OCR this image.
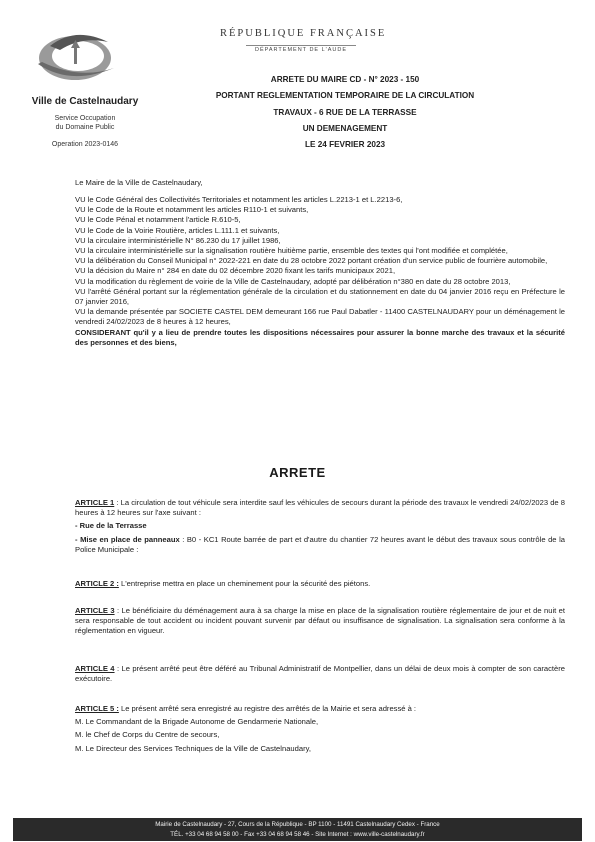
Ville de Castelnaudary
Service Occupation
du Domaine Public
Operation 2023-0146
RÉPUBLIQUE FRANÇAISE
DÉPARTEMENT DE L'AUDE
ARRETE DU MAIRE CD - N° 2023 - 150
PORTANT REGLEMENTATION TEMPORAIRE DE LA CIRCULATION
TRAVAUX - 6 RUE DE LA TERRASSE
UN DEMENAGEMENT
LE 24 FEVRIER 2023
Le Maire de la Ville de Castelnaudary,

VU le Code Général des Collectivités Territoriales et notamment les articles L.2213-1 et L.2213-6,

VU le Code de la Route et notamment les articles R110-1 et suivants,

VU le Code Pénal et notamment l'article R.610-5,

VU le Code de la Voirie Routière, articles L.111.1 et suivants,

VU la circulaire interministérielle N° 86.230 du 17 juillet 1986,

VU la circulaire interministérielle sur la signalisation routière huitième partie, ensemble des textes qui l'ont modifiée et complétée,

VU la délibération du Conseil Municipal n° 2022-221 en date du 28 octobre 2022 portant création d'un service public de fourrière automobile,

VU la décision du Maire n° 284 en date du 02 décembre 2020 fixant les tarifs municipaux 2021,

VU la modification du règlement de voirie de la Ville de Castelnaudary, adopté par délibération n°380 en date du 28 octobre 2013,

VU l'arrêté Général portant sur la réglementation générale de la circulation et du stationnement en date du 04 janvier 2016 reçu en Préfecture le 07 janvier 2016,

VU la demande présentée par SOCIETE CASTEL DEM demeurant 166 rue Paul Dabatler - 11400 CASTELNAUDARY pour un déménagement le vendredi 24/02/2023 de 8 heures à 12 heures,

CONSIDERANT qu'il y a lieu de prendre toutes les dispositions nécessaires pour assurer la bonne marche des travaux et la sécurité des personnes et des biens,

ARRETE

ARTICLE 1 : La circulation de tout véhicule sera interdite sauf les véhicules de secours durant la période des travaux le vendredi 24/02/2023 de 8 heures à 12 heures sur l'axe suivant :

- Rue de la Terrasse

- Mise en place de panneaux : B0 - KC1 Route barrée de part et d'autre du chantier 72 heures avant le début des travaux sous contrôle de la Police Municipale :

ARTICLE 2 : L'entreprise mettra en place un cheminement pour la sécurité des piétons.

ARTICLE 3 : Le bénéficiaire du déménagement aura à sa charge la mise en place de la signalisation routière réglementaire de jour et de nuit et sera responsable de tout accident ou incident pouvant survenir par défaut ou insuffisance de signalisation. La signalisation sera conforme à la réglementation en vigueur.

ARTICLE 4 : Le présent arrêté peut être déféré au Tribunal Administratif de Montpellier, dans un délai de deux mois à compter de son caractère exécutoire.

ARTICLE 5 : Le présent arrêté sera enregistré au registre des arrêtés de la Mairie et sera adressé à :

M. Le Commandant de la Brigade Autonome de Gendarmerie Nationale,

M. le Chef de Corps du Centre de secours,

M. Le Directeur des Services Techniques de la Ville de Castelnaudary,

Mairie de Castelnaudary - 27, Cours de la République - BP 1100 - 11491 Castelnaudary Cedex - France
TÉL. +33 04 68 94 58 00 - Fax +33 04 68 94 58 46 - Site Internet : www.ville-castelnaudary.fr
